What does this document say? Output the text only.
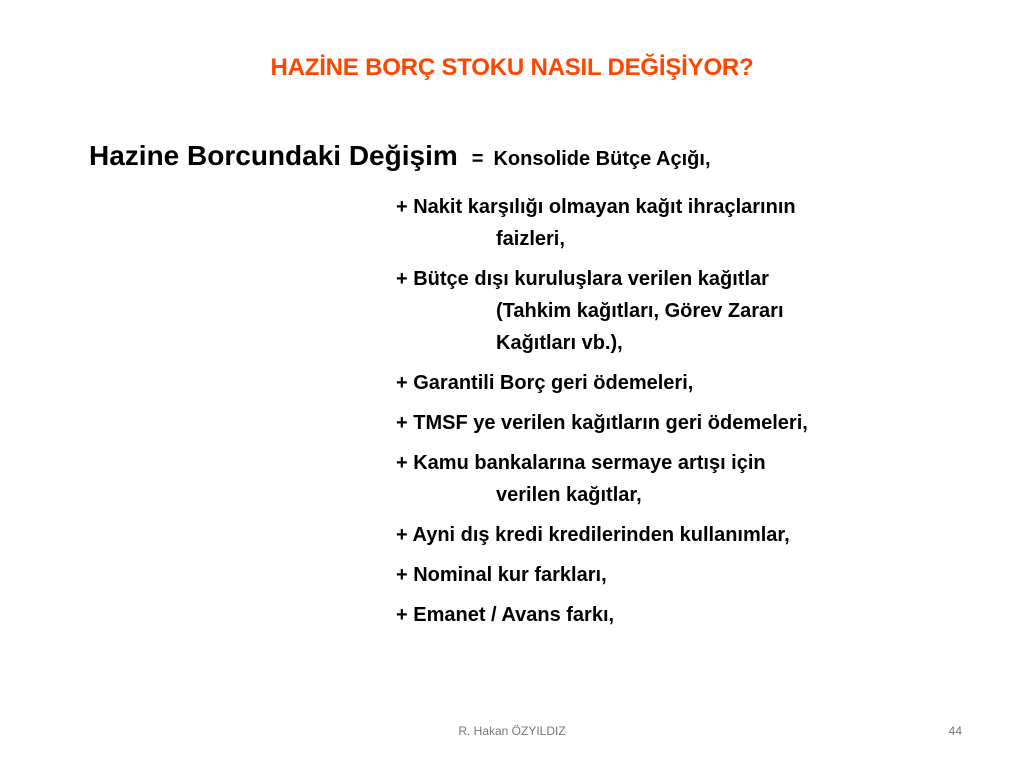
HAZİNE BORÇ STOKU NASIL DEĞİŞİYOR?
Hazine Borcundaki Değişim = Konsolide Bütçe Açığı,
+ Nakit karşılığı olmayan kağıt ihraçlarının
faizleri,
+ Bütçe dışı kuruluşlara verilen kağıtlar
(Tahkim kağıtları, Görev Zararı
Kağıtları vb.),
+ Garantili Borç geri ödemeleri,
+ TMSF ye verilen kağıtların geri ödemeleri,
+ Kamu bankalarına sermaye artışı için
verilen kağıtlar,
+ Ayni dış kredi kredilerinden kullanımlar,
+ Nominal kur farkları,
+ Emanet / Avans farkı,
R. Hakan ÖZYILDIZ	44
